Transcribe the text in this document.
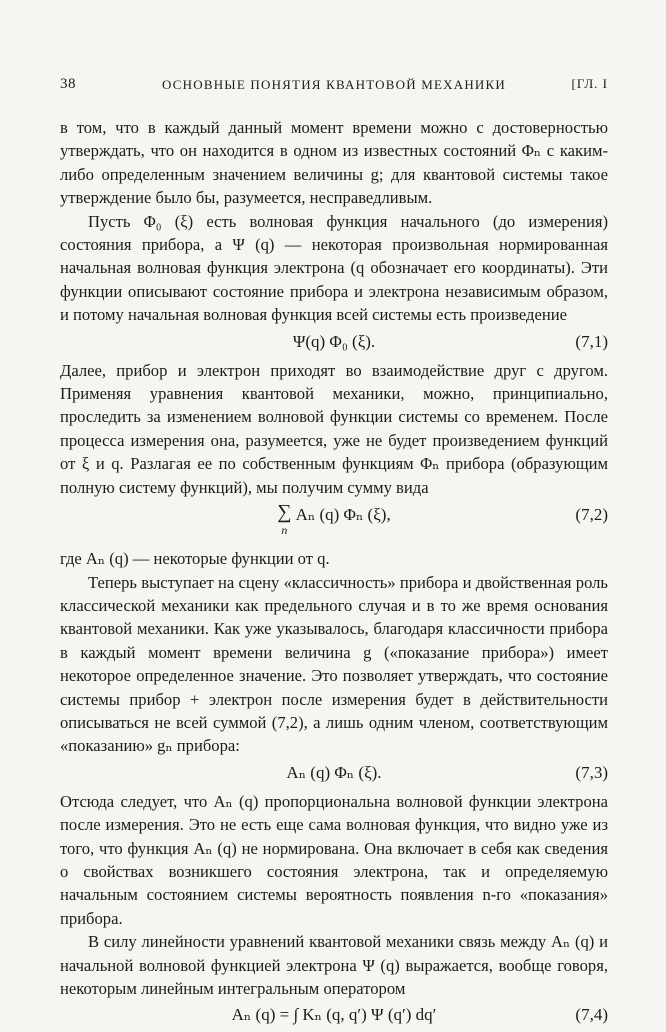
38	ОСНОВНЫЕ ПОНЯТИЯ КВАНТОВОЙ МЕХАНИКИ	[ГЛ. I

в том, что в каждый данный момент времени можно с достоверностью утверждать, что он находится в одном из известных состояний Φₙ с каким-либо определенным значением величины g; для квантовой системы такое утверждение было бы, разумеется, несправедливым.

Пусть Φ₀ (ξ) есть волновая функция начального (до измерения) состояния прибора, а Ψ (q) — некоторая произвольная нормированная начальная волновая функция электрона (q обозначает его координаты). Эти функции описывают состояние прибора и электрона независимым образом, и потому начальная волновая функция всей системы есть произведение

Ψ(q) Φ₀ (ξ).	(7,1)

Далее, прибор и электрон приходят во взаимодействие друг с другом. Применяя уравнения квантовой механики, можно, принципиально, проследить за изменением волновой функции системы со временем. После процесса измерения она, разумеется, уже не будет произведением функций от ξ и q. Разлагая ее по собственным функциям Φₙ прибора (образующим полную систему функций), мы получим сумму вида

∑
n
Aₙ (q) Φₙ (ξ),	(7,2)

где Aₙ (q) — некоторые функции от q.

Теперь выступает на сцену «классичность» прибора и двойственная роль классической механики как предельного случая и в то же время основания квантовой механики. Как уже указывалось, благодаря классичности прибора в каждый момент времени величина g («показание прибора») имеет некоторое определенное значение. Это позволяет утверждать, что состояние системы прибор + электрон после измерения будет в действительности описываться не всей суммой (7,2), а лишь одним членом, соответствующим «показанию» gₙ прибора:

Aₙ (q) Φₙ (ξ).	(7,3)

Отсюда следует, что Aₙ (q) пропорциональна волновой функции электрона после измерения. Это не есть еще сама волновая функция, что видно уже из того, что функция Aₙ (q) не нормирована. Она включает в себя как сведения о свойствах возникшего состояния электрона, так и определяемую начальным состоянием системы вероятность появления n-го «показания» прибора.

В силу линейности уравнений квантовой механики связь между Aₙ (q) и начальной волновой функцией электрона Ψ (q) выражается, вообще говоря, некоторым линейным интегральным оператором

Aₙ (q) = ∫ Kₙ (q, q′) Ψ (q′) dq′	(7,4)
